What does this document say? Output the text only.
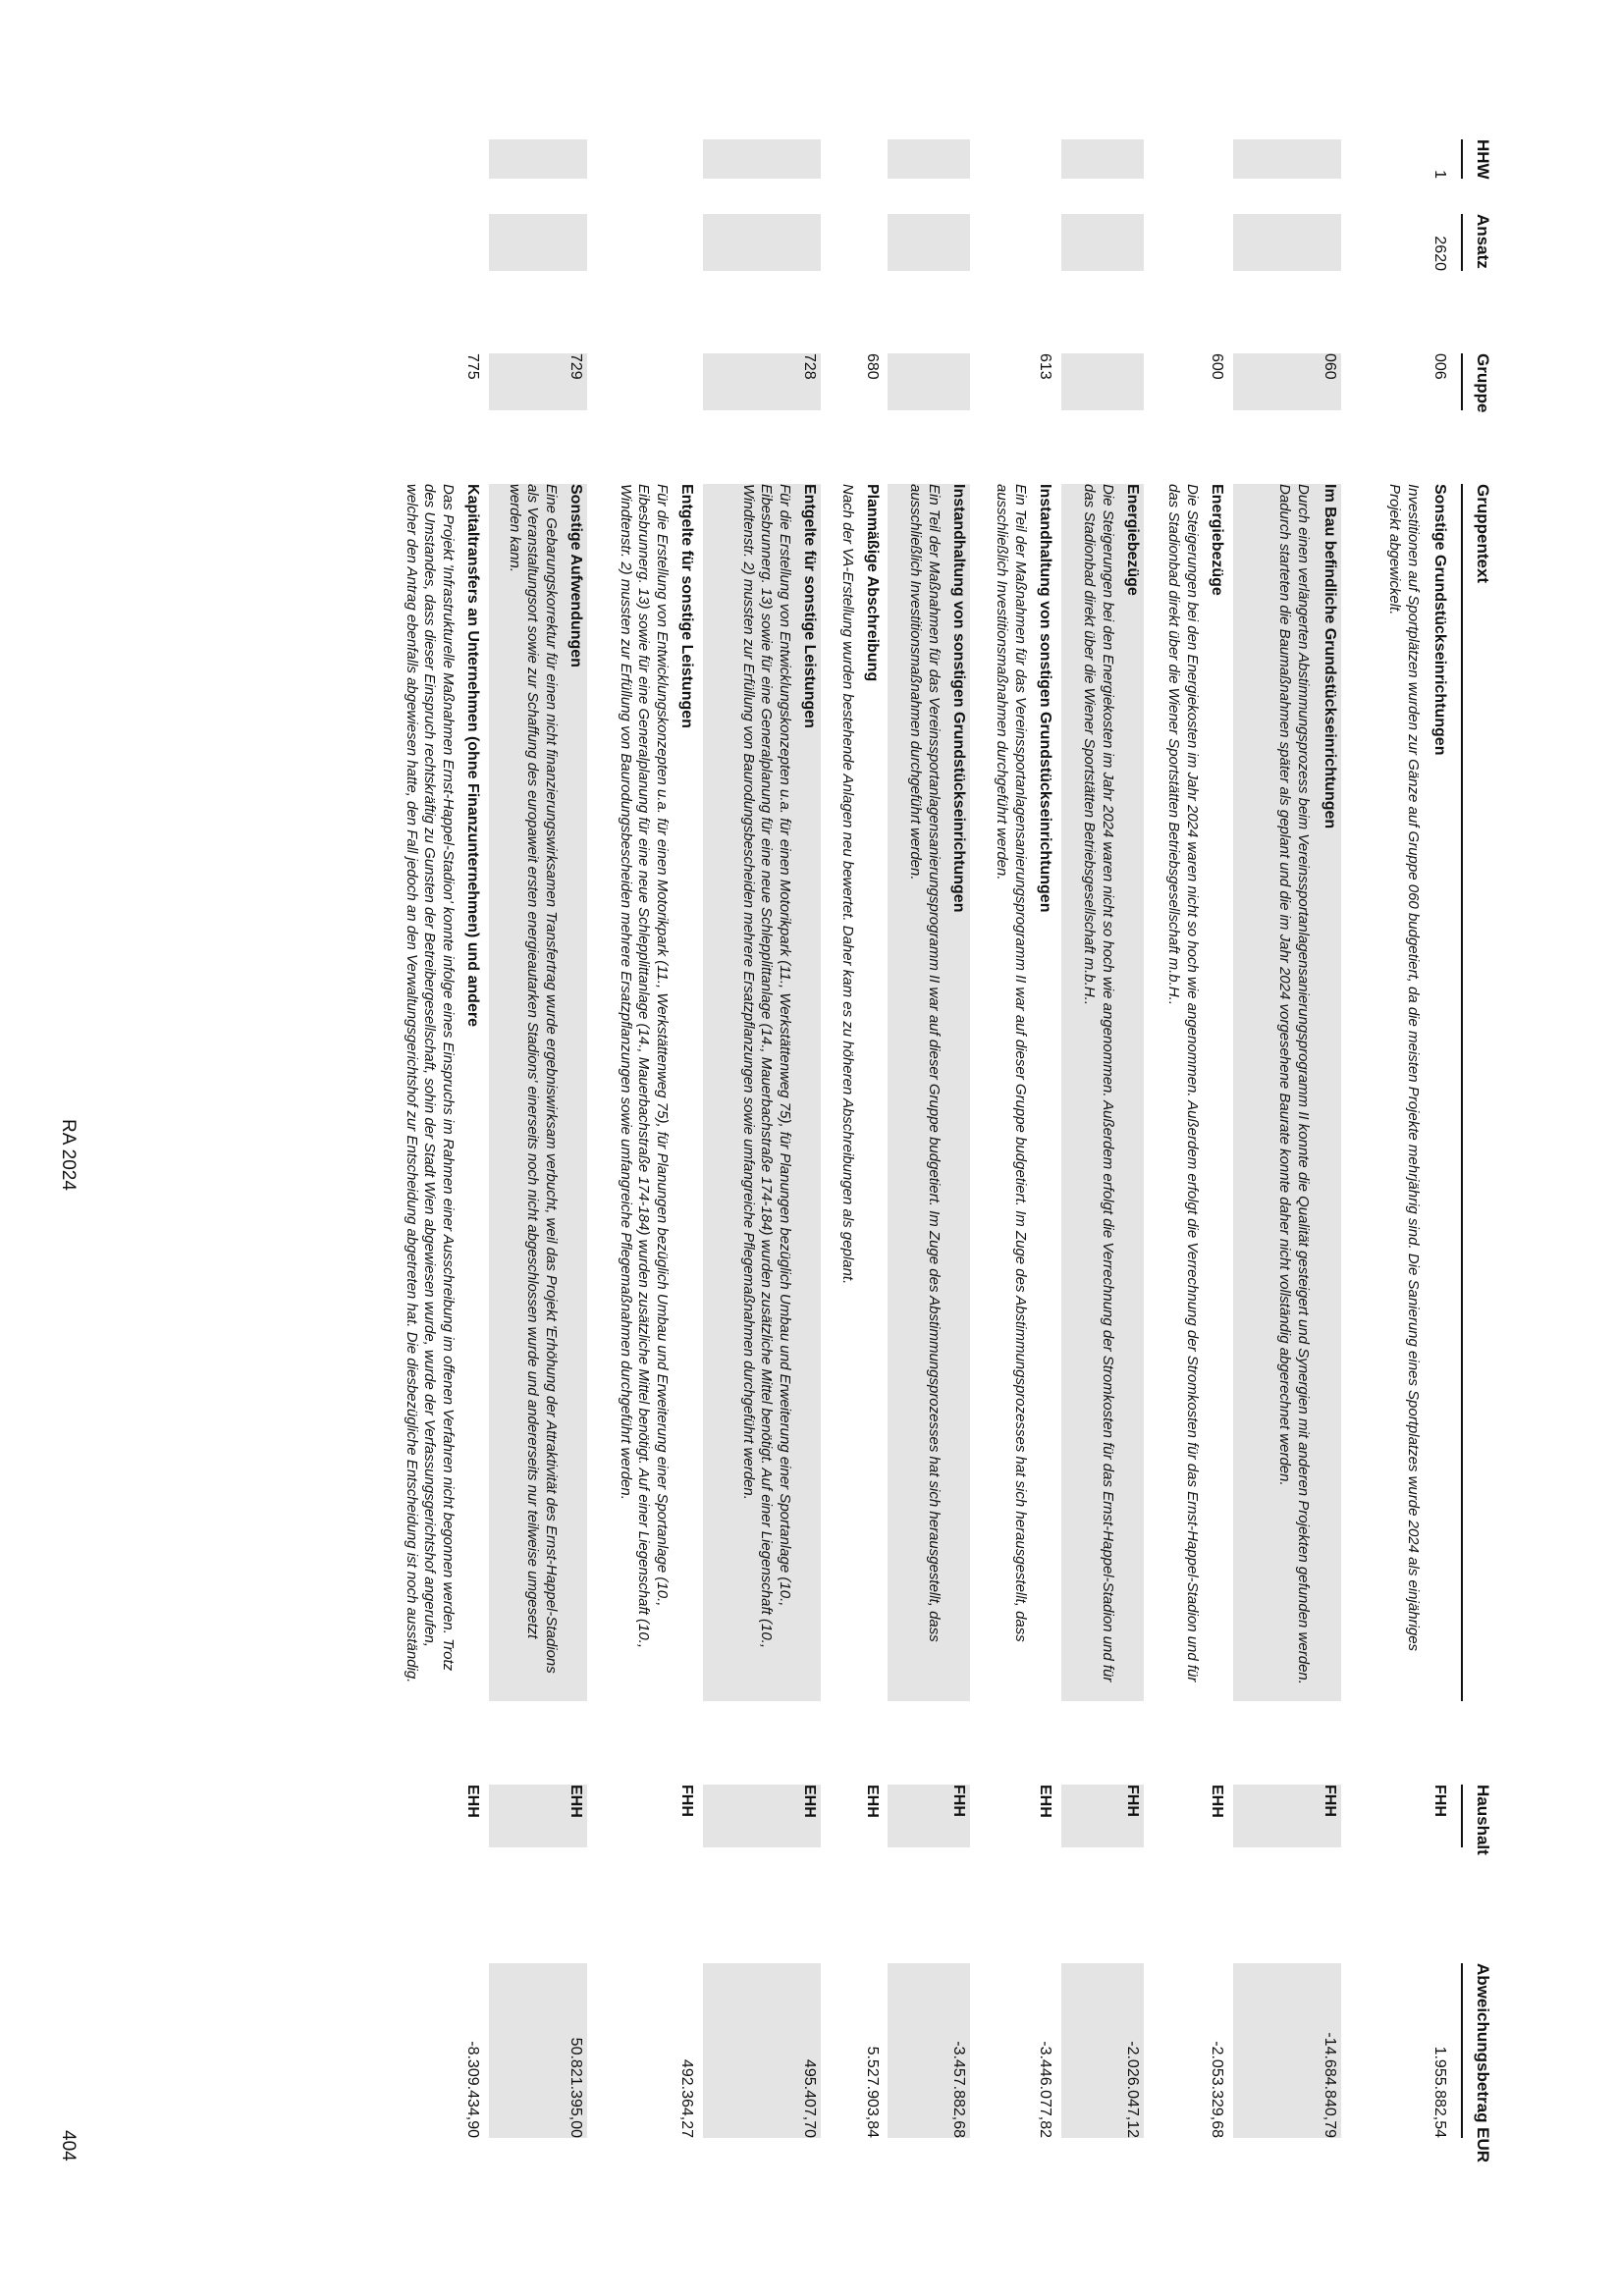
HHW
Ansatz
Gruppe
Gruppentext
Haushalt
Abweichungsbetrag EUR
1
2620
006
Sonstige Grundstückseinrichtungen
Investitionen auf Sportplätzen wurden zur Gänze auf Gruppe 060 budgetiert, da die meisten Projekte mehrjährig sind. Die Sanierung eines Sportplatzes wurde 2024 als einjähriges Projekt abgewickelt.
FHH
1.955.882,54
060
Im Bau befindliche Grundstückseinrichtungen
Durch einen verlängerten Abstimmungsprozess beim Vereinssportanlagensanierungsprogramm II konnte die Qualität gesteigert und Synergien mit anderen Projekten gefunden werden. Dadurch starteten die Baumaßnahmen später als geplant und die im Jahr 2024 vorgesehene Baurate konnte daher nicht vollständig abgerechnet werden.
FHH
-14.684.840,79
600
Energiebezüge
Die Steigerungen bei den Energiekosten im Jahr 2024 waren nicht so hoch wie angenommen. Außerdem erfolgt die Verrechnung der Stromkosten für das Ernst-Happel-Stadion und für das Stadionbad direkt über die Wiener Sportstätten Betriebsgesellschaft m.b.H..
EHH
-2.053.329,68
Energiebezüge
Die Steigerungen bei den Energiekosten im Jahr 2024 waren nicht so hoch wie angenommen. Außerdem erfolgt die Verrechnung der Stromkosten für das Ernst-Happel-Stadion und für das Stadionbad direkt über die Wiener Sportstätten Betriebsgesellschaft m.b.H..
FHH
-2.026.047,12
613
Instandhaltung von sonstigen Grundstückseinrichtungen
Ein Teil der Maßnahmen für das Vereinssportanlagensanierungsprogramm II war auf dieser Gruppe budgetiert. Im Zuge des Abstimmungsprozesses hat sich herausgestellt, dass ausschließlich Investitionsmaßnahmen durchgeführt werden.
EHH
-3.446.077,82
Instandhaltung von sonstigen Grundstückseinrichtungen
Ein Teil der Maßnahmen für das Vereinssportanlagensanierungsprogramm II war auf dieser Gruppe budgetiert. Im Zuge des Abstimmungsprozesses hat sich herausgestellt, dass ausschließlich Investitionsmaßnahmen durchgeführt werden.
FHH
-3.457.882,68
680
Planmäßige Abschreibung
Nach der VA-Erstellung wurden bestehende Anlagen neu bewertet. Daher kam es zu höheren Abschreibungen als geplant.
EHH
5.527.903,84
728
Entgelte für sonstige Leistungen
Für die Erstellung von Entwicklungskonzepten u.a. für einen Motorikpark (11., Werkstättenweg 75), für Planungen bezüglich Umbau und Erweiterung einer Sportanlage (10., Eibesbrunnerg. 13) sowie für eine Generalplanung für eine neue Schlepplittanlage (14., Mauerbachstraße 174-184) wurden zusätzliche Mittel benötigt. Auf einer Liegenschaft (10., Windtenstr. 2) mussten zur Erfüllung von Baurodungsbescheiden mehrere Ersatzpflanzungen sowie umfangreiche Pflegemaßnahmen durchgeführt werden.
EHH
495.407,70
Entgelte für sonstige Leistungen
Für die Erstellung von Entwicklungskonzepten u.a. für einen Motorikpark (11., Werkstättenweg 75), für Planungen bezüglich Umbau und Erweiterung einer Sportanlage (10., Eibesbrunnerg. 13) sowie für eine Generalplanung für eine neue Schlepplittanlage (14., Mauerbachstraße 174-184) wurden zusätzliche Mittel benötigt. Auf einer Liegenschaft (10., Windtenstr. 2) mussten zur Erfüllung von Baurodungsbescheiden mehrere Ersatzpflanzungen sowie umfangreiche Pflegemaßnahmen durchgeführt werden.
FHH
492.364,27
729
Sonstige Aufwendungen
Eine Gebarungskorrektur für einen nicht finanzierungswirksamen Transfertrag wurde ergebniswirksam verbucht, weil das Projekt 'Erhöhung der Attraktivität des Ernst-Happel-Stadions als Veranstaltungsort sowie zur Schaffung des europaweit ersten energieautarken Stadions' einerseits noch nicht abgeschlossen wurde und andererseits nur teilweise umgesetzt werden kann.
EHH
50.821.395,00
775
Kapitaltransfers an Unternehmen (ohne Finanzunternehmen) und andere
Das Projekt 'Infrastrukturelle Maßnahmen Ernst-Happel-Stadion' konnte infolge eines Einspruchs im Rahmen einer Ausschreibung im offenen Verfahren nicht begonnen werden. Trotz des Umstandes, dass dieser Einspruch rechtskräftig zu Gunsten der Betreibergesellschaft, sohin der Stadt Wien abgewiesen wurde, wurde der Verfassungsgerichtshof angerufen, welcher den Antrag ebenfalls abgewiesen hatte, den Fall jedoch an den Verwaltungsgerichtshof zur Entscheidung abgetreten hat. Die diesbezügliche Entscheidung ist noch ausständig.
EHH
-8.309.434,90
RA 2024
404
